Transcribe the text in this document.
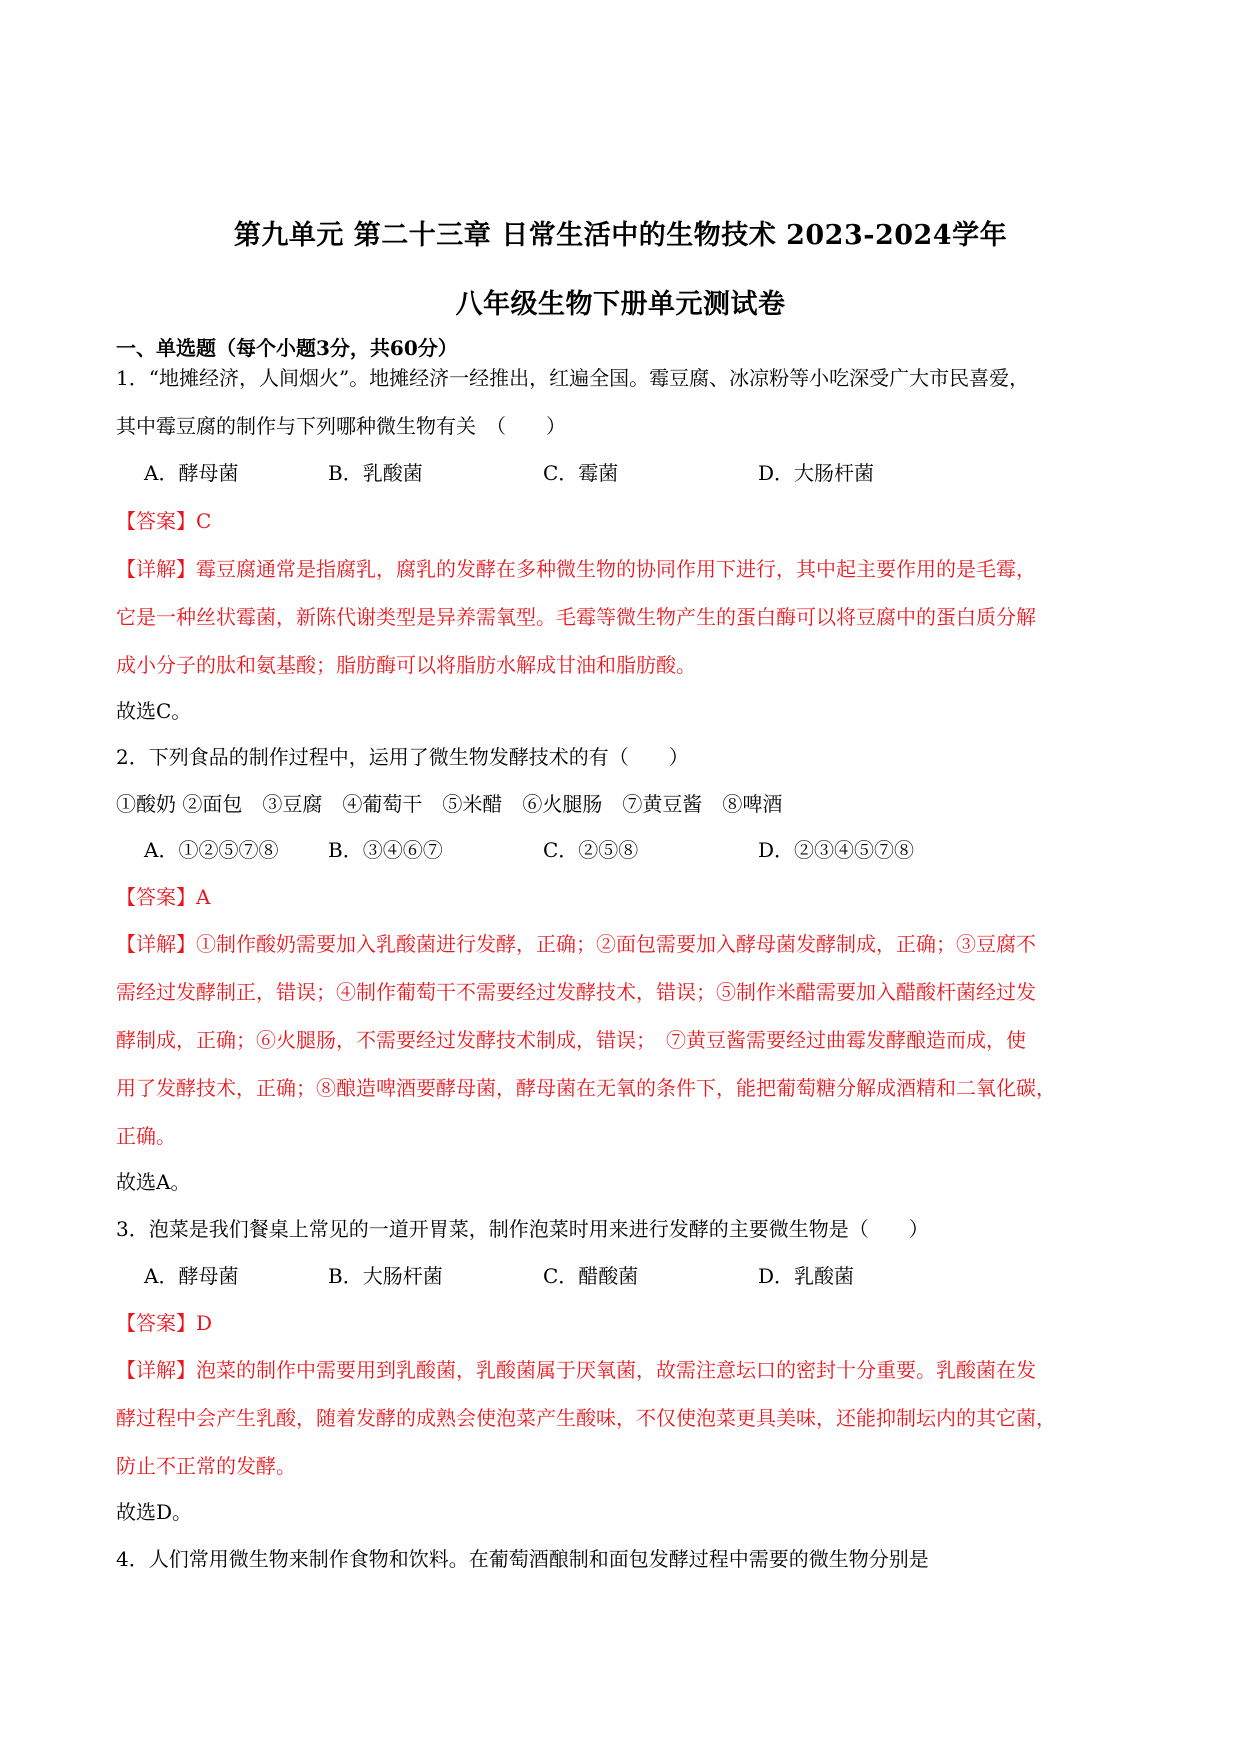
第九单元 第二十三章 日常生活中的生物技术 2023-2024学年
八年级生物下册单元测试卷
一、单选题（每个小题3分，共60分）
1．“地摊经济，人间烟火”。地摊经济一经推出，红遍全国。霉豆腐、冰凉粉等小吃深受广大市民喜爱，
其中霉豆腐的制作与下列哪种微生物有关　（　　）
A．酵母菌	B．乳酸菌	C．霉菌	D．大肠杆菌
【答案】C
【详解】霉豆腐通常是指腐乳，腐乳的发酵在多种微生物的协同作用下进行，其中起主要作用的是毛霉，
它是一种丝状霉菌，新陈代谢类型是异养需氧型。毛霉等微生物产生的蛋白酶可以将豆腐中的蛋白质分解
成小分子的肽和氨基酸；脂肪酶可以将脂肪水解成甘油和脂肪酸。
故选C。
2．下列食品的制作过程中，运用了微生物发酵技术的有（　　）
①酸奶 ②面包　③豆腐　④葡萄干　⑤米醋　⑥火腿肠　⑦黄豆酱　⑧啤酒
A．①②⑤⑦⑧ B．③④⑥⑦	C．②⑤⑧	D．②③④⑤⑦⑧
【答案】A
【详解】①制作酸奶需要加入乳酸菌进行发酵，正确；②面包需要加入酵母菌发酵制成，正确；③豆腐不
需经过发酵制正，错误；④制作葡萄干不需要经过发酵技术，错误；⑤制作米醋需要加入醋酸杆菌经过发
酵制成，正确；⑥火腿肠，不需要经过发酵技术制成，错误；　⑦黄豆酱需要经过曲霉发酵酿造而成，使
用了发酵技术，正确；⑧酿造啤酒要酵母菌，酵母菌在无氧的条件下，能把葡萄糖分解成酒精和二氧化碳，
正确。
故选A。
3．泡菜是我们餐桌上常见的一道开胃菜，制作泡菜时用来进行发酵的主要微生物是（　　）
A．酵母菌	B．大肠杆菌	C．醋酸菌	D．乳酸菌
【答案】D
【详解】泡菜的制作中需要用到乳酸菌，乳酸菌属于厌氧菌，故需注意坛口的密封十分重要。乳酸菌在发
酵过程中会产生乳酸，随着发酵的成熟会使泡菜产生酸味，不仅使泡菜更具美味，还能抑制坛内的其它菌，
防止不正常的发酵。
故选D。
4．人们常用微生物来制作食物和饮料。在葡萄酒酿制和面包发酵过程中需要的微生物分别是
